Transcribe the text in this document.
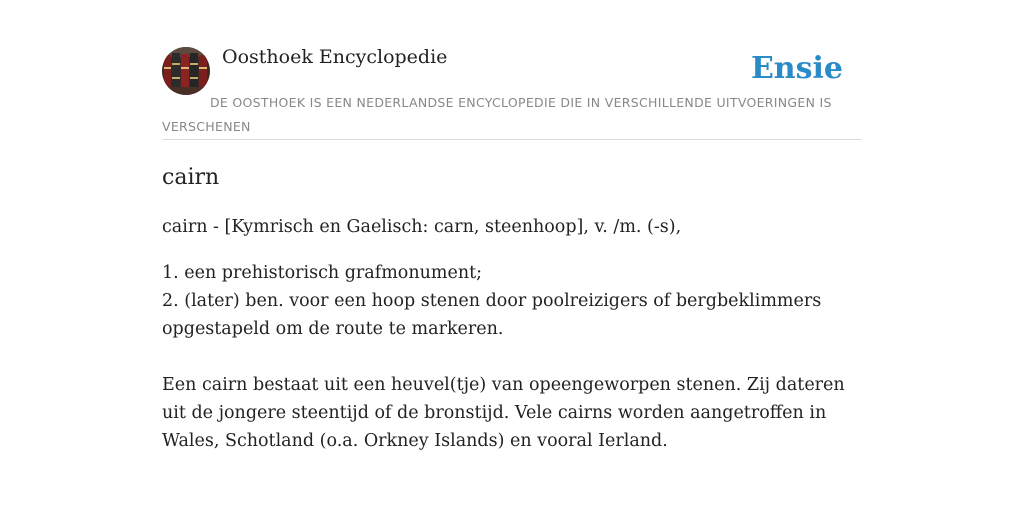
Oosthoek Encyclopedie	Ensie
DE OOSTHOEK IS EEN NEDERLANDSE ENCYCLOPEDIE DIE IN VERSCHILLENDE UITVOERINGEN IS VERSCHENEN
cairn

cairn - [Kymrisch en Gaelisch: carn, steenhoop], v. /m. (-s),

1. een prehistorisch grafmonument;
2. (later) ben. voor een hoop stenen door poolreizigers of bergbeklimmers opgestapeld om de route te markeren.

Een cairn bestaat uit een heuvel(tje) van opeengeworpen stenen. Zij dateren uit de jongere steentijd of de bronstijd. Vele cairns worden aangetroffen in Wales, Schotland (o.a. Orkney Islands) en vooral Ierland.
